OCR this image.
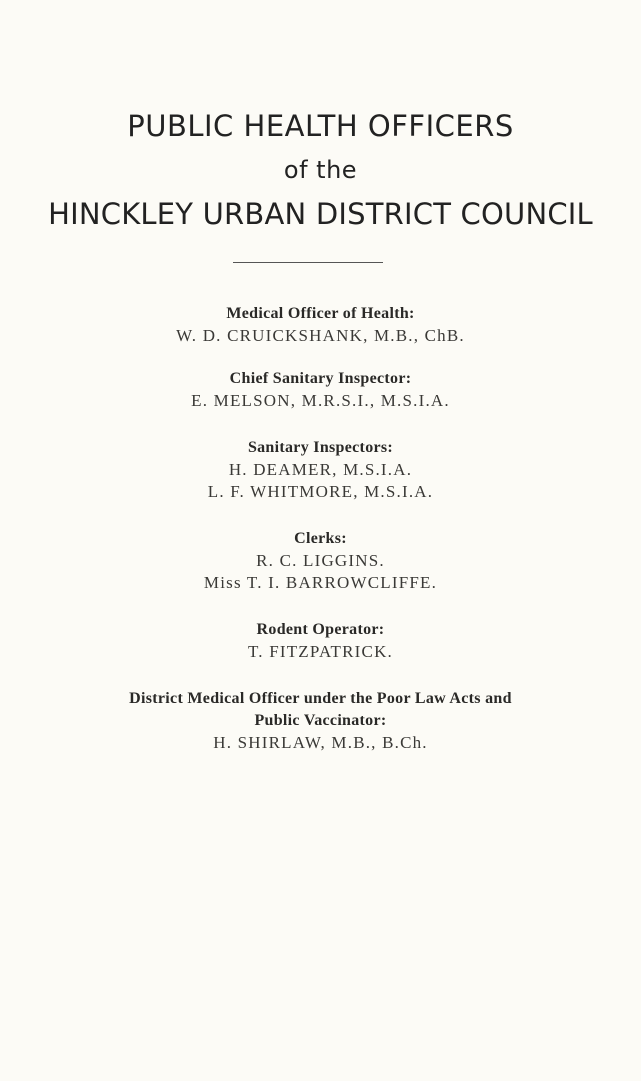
PUBLIC HEALTH OFFICERS
of the
HINCKLEY URBAN DISTRICT COUNCIL
Medical Officer of Health:
W. D. CRUICKSHANK, M.B., ChB.
Chief Sanitary Inspector:
E. MELSON, M.R.S.I., M.S.I.A.
Sanitary Inspectors:
H. DEAMER, M.S.I.A.
L. F. WHITMORE, M.S.I.A.
Clerks:
R. C. LIGGINS.
Miss T. I. BARROWCLIFFE.
Rodent Operator:
T. FITZPATRICK.
District Medical Officer under the Poor Law Acts and
Public Vaccinator:
H. SHIRLAW, M.B., B.Ch.
